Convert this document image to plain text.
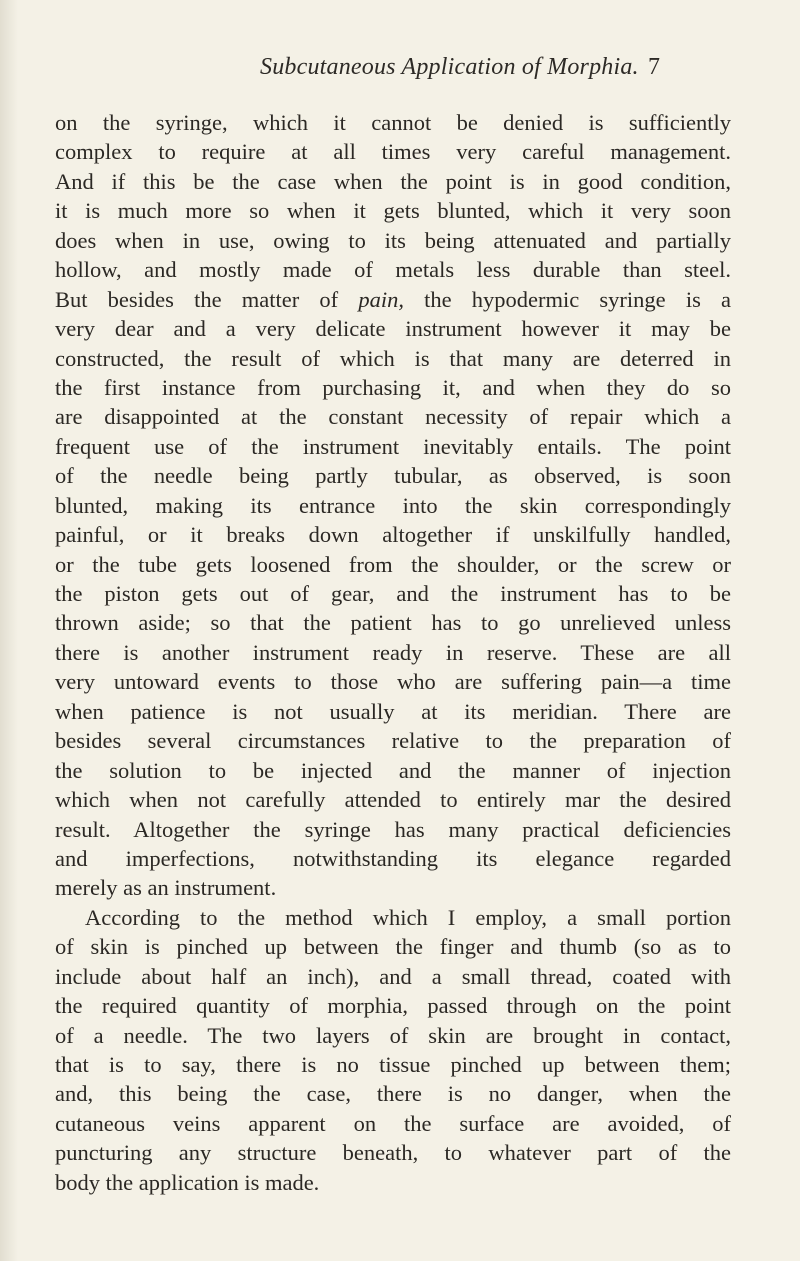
Subcutaneous Application of Morphia. 7
on the syringe, which it cannot be denied is sufficiently
complex to require at all times very careful management.
And if this be the case when the point is in good condition,
it is much more so when it gets blunted, which it very soon
does when in use, owing to its being attenuated and partially
hollow, and mostly made of metals less durable than steel.
But besides the matter of pain, the hypodermic syringe is a
very dear and a very delicate instrument however it may be
constructed, the result of which is that many are deterred in
the first instance from purchasing it, and when they do so
are disappointed at the constant necessity of repair which a
frequent use of the instrument inevitably entails. The point
of the needle being partly tubular, as observed, is soon
blunted, making its entrance into the skin correspondingly
painful, or it breaks down altogether if unskilfully handled,
or the tube gets loosened from the shoulder, or the screw or
the piston gets out of gear, and the instrument has to be
thrown aside; so that the patient has to go unrelieved unless
there is another instrument ready in reserve. These are all
very untoward events to those who are suffering pain—a time
when patience is not usually at its meridian. There are
besides several circumstances relative to the preparation of
the solution to be injected and the manner of injection
which when not carefully attended to entirely mar the desired
result. Altogether the syringe has many practical deficiencies
and imperfections, notwithstanding its elegance regarded
merely as an instrument.
According to the method which I employ, a small portion
of skin is pinched up between the finger and thumb (so as to
include about half an inch), and a small thread, coated with
the required quantity of morphia, passed through on the point
of a needle. The two layers of skin are brought in contact,
that is to say, there is no tissue pinched up between them;
and, this being the case, there is no danger, when the
cutaneous veins apparent on the surface are avoided, of
puncturing any structure beneath, to whatever part of the
body the application is made.
